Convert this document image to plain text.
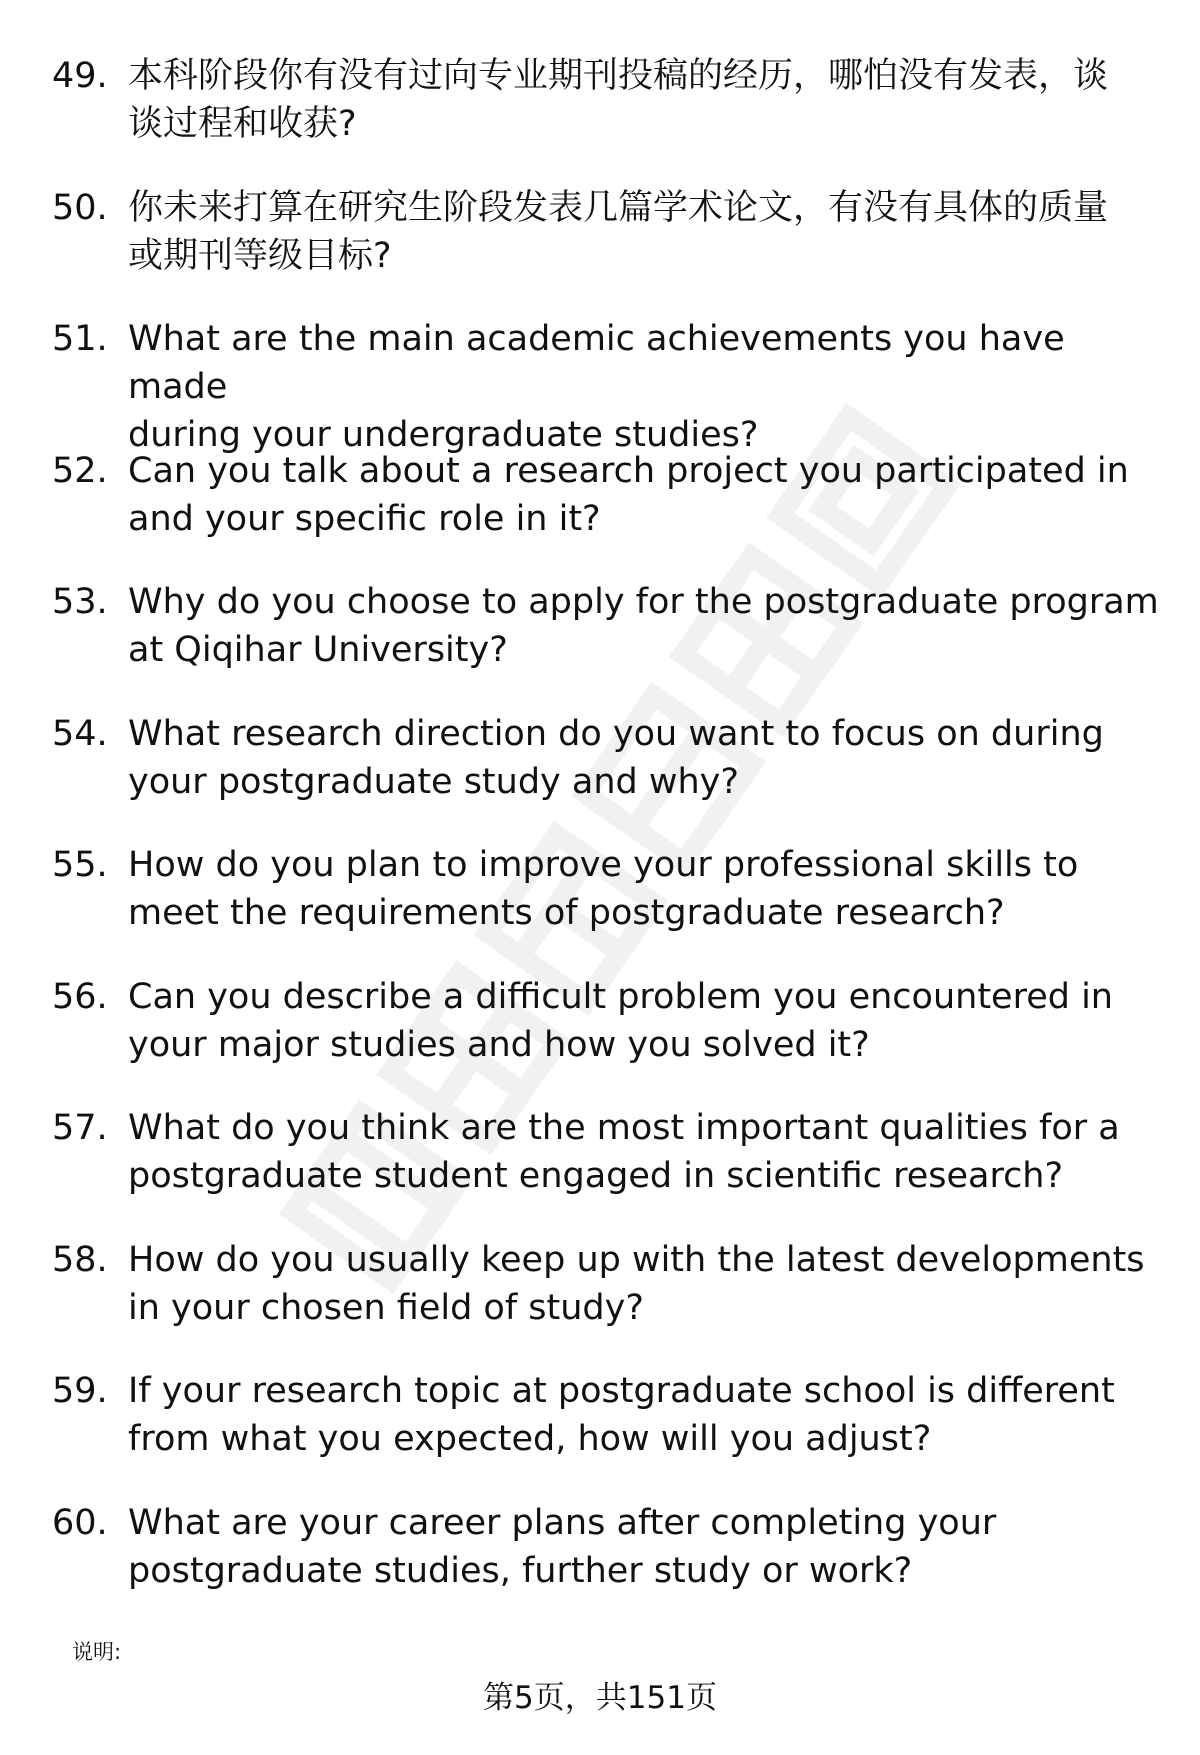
49. 本科阶段你有没有过向专业期刊投稿的经历，哪怕没有发表，谈
谈过程和收获?
50. 你未来打算在研究生阶段发表几篇学术论文，有没有具体的质量
或期刊等级目标?
51. What are the main academic achievements you have made
during your undergraduate studies?
52. Can you talk about a research project you participated in
and your specific role in it?
53. Why do you choose to apply for the postgraduate program
at Qiqihar University?
54. What research direction do you want to focus on during
your postgraduate study and why?
55. How do you plan to improve your professional skills to
meet the requirements of postgraduate research?
56. Can you describe a difficult problem you encountered in
your major studies and how you solved it?
57. What do you think are the most important qualities for a
postgraduate student engaged in scientific research?
58. How do you usually keep up with the latest developments
in your chosen field of study?
59. If your research topic at postgraduate school is different
from what you expected, how will you adjust?
60. What are your career plans after completing your
postgraduate studies, further study or work?
说明:
第5页，共151页
